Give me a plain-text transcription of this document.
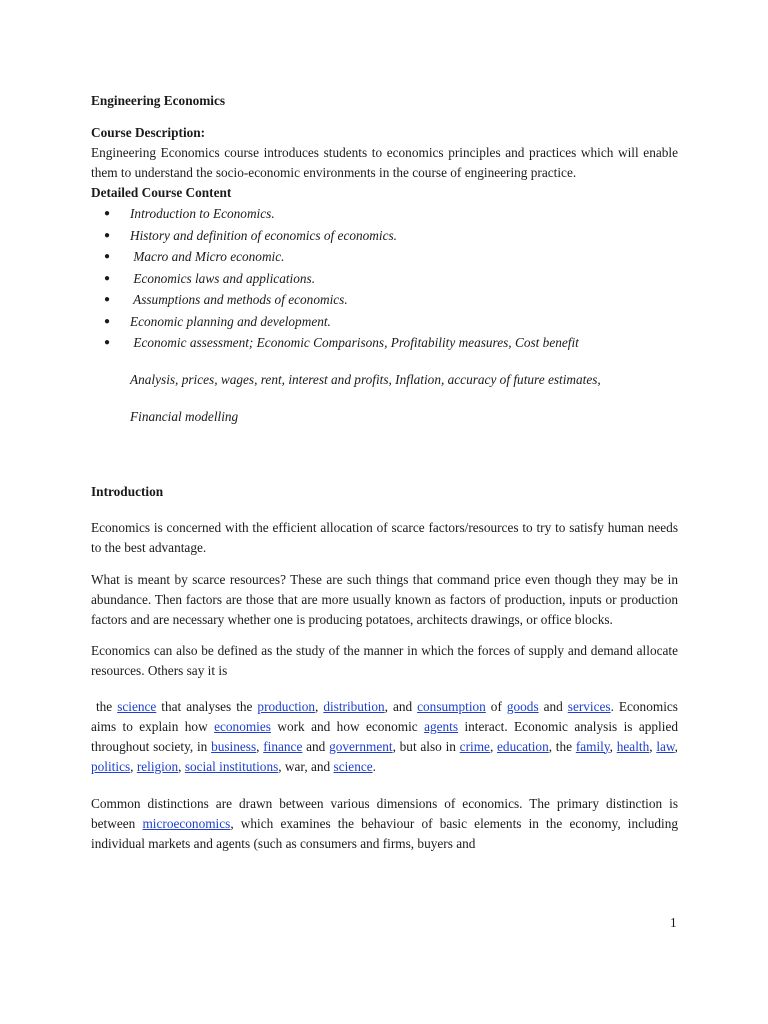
Engineering Economics
Course Description:

Engineering Economics course introduces students to economics principles and practices which will enable them to understand the socio-economic environments in the course of engineering practice.

Detailed Course Content
● Introduction to Economics.
● History and definition of economics of economics.
● Macro and Micro economic.
● Economics laws and applications.
● Assumptions and methods of economics.
● Economic planning and development.
● Economic assessment; Economic Comparisons, Profitability measures, Cost benefit
Analysis, prices, wages, rent, interest and profits, Inflation, accuracy of future estimates,
Financial modelling
Introduction

Economics is concerned with the efficient allocation of scarce factors/resources to try to satisfy human needs to the best advantage.

What is meant by scarce resources? These are such things that command price even though they may be in abundance. Then factors are those that are more usually known as factors of production, inputs or production factors and are necessary whether one is producing potatoes, architects drawings, or office blocks.

Economics can also be defined as the study of the manner in which the forces of supply and demand allocate resources. Others say it is

the science that analyses the production, distribution, and consumption of goods and services. Economics aims to explain how economies work and how economic agents interact. Economic analysis is applied throughout society, in business, finance and government, but also in crime, education, the family, health, law, politics, religion, social institutions, war, and science.

Common distinctions are drawn between various dimensions of economics. The primary distinction is between microeconomics, which examines the behaviour of basic elements in the economy, including individual markets and agents (such as consumers and firms, buyers and

1
